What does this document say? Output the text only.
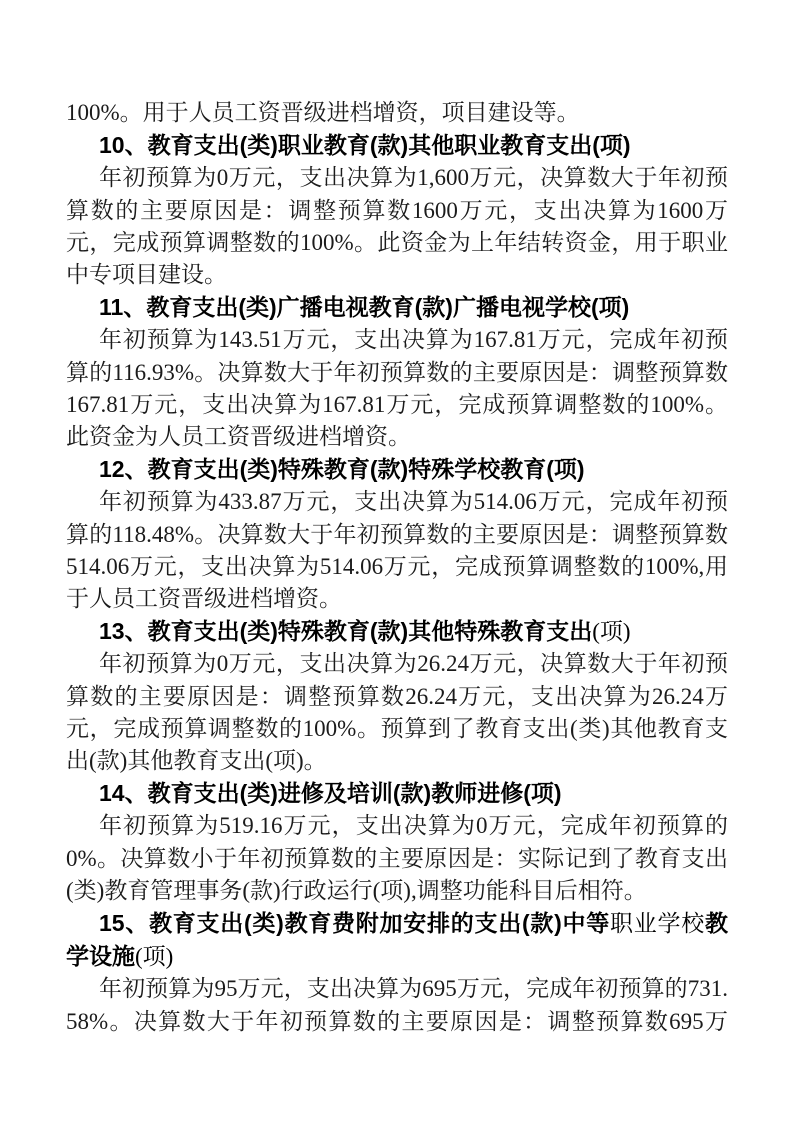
100%。用于人员工资晋级进档增资，项目建设等。

10、教育支出(类)职业教育(款)其他职业教育支出(项)

年初预算为0万元，支出决算为1,600万元，决算数大于年初预算数的主要原因是：调整预算数1600万元，支出决算为1600万元，完成预算调整数的100%。此资金为上年结转资金，用于职业中专项目建设。

11、教育支出(类)广播电视教育(款)广播电视学校(项)

年初预算为143.51万元，支出决算为167.81万元，完成年初预算的116.93%。决算数大于年初预算数的主要原因是：调整预算数167.81万元，支出决算为167.81万元，完成预算调整数的100%。此资金为人员工资晋级进档增资。

12、教育支出(类)特殊教育(款)特殊学校教育(项)

年初预算为433.87万元，支出决算为514.06万元，完成年初预算的118.48%。决算数大于年初预算数的主要原因是：调整预算数514.06万元，支出决算为514.06万元，完成预算调整数的100%,用于人员工资晋级进档增资。

13、教育支出(类)特殊教育(款)其他特殊教育支出(项)

年初预算为0万元，支出决算为26.24万元，决算数大于年初预算数的主要原因是：调整预算数26.24万元，支出决算为26.24万元，完成预算调整数的100%。预算到了教育支出(类)其他教育支出(款)其他教育支出(项)。

14、教育支出(类)进修及培训(款)教师进修(项)

年初预算为519.16万元，支出决算为0万元，完成年初预算的0%。决算数小于年初预算数的主要原因是：实际记到了教育支出(类)教育管理事务(款)行政运行(项),调整功能科目后相符。

15、教育支出(类)教育费附加安排的支出(款)中等职业学校教学设施(项)

年初预算为95万元，支出决算为695万元，完成年初预算的731.58%。决算数大于年初预算数的主要原因是：调整预算数695万
